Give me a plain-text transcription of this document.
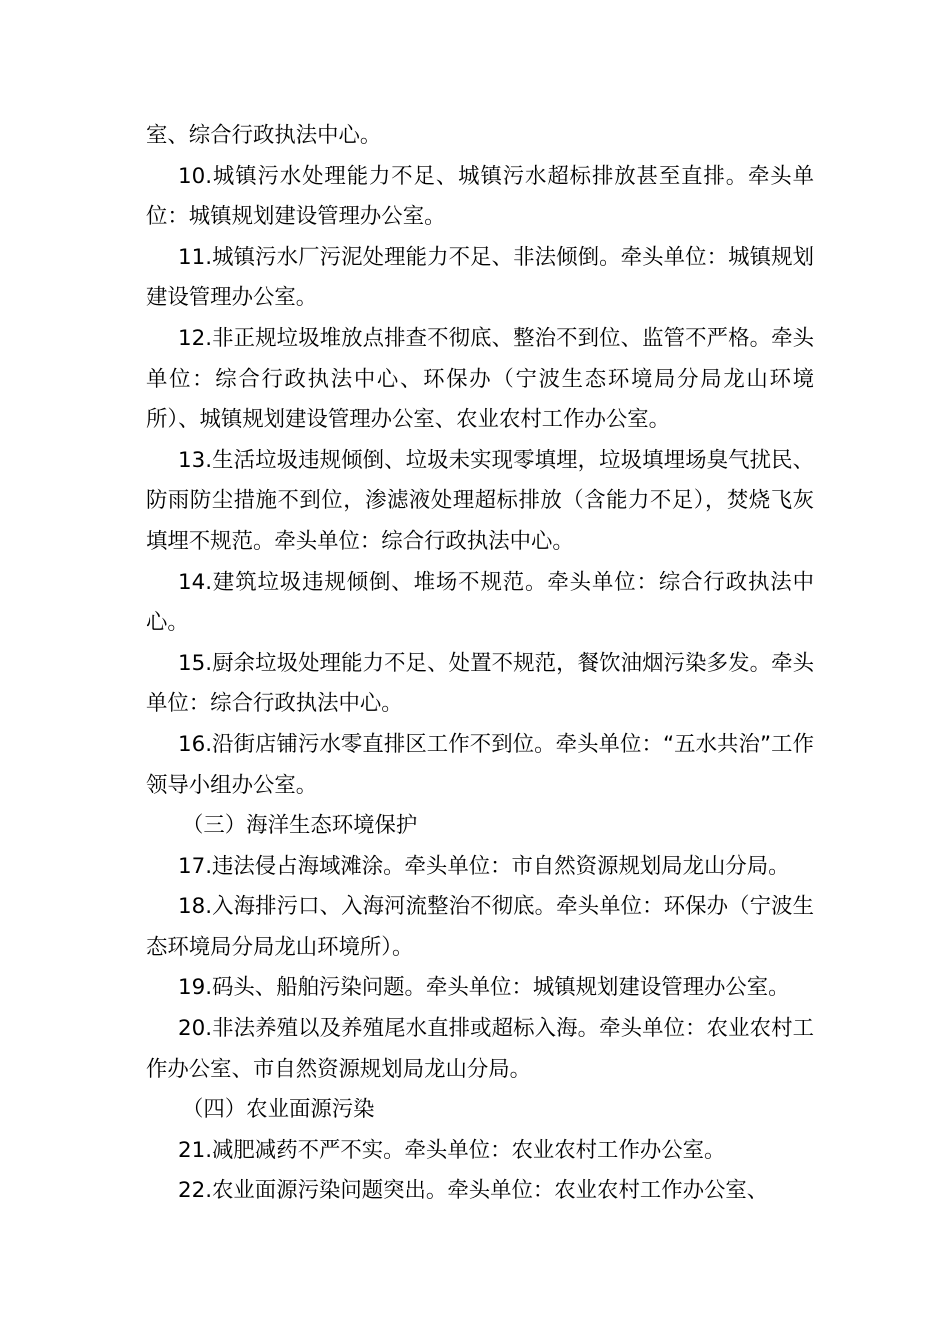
室、综合行政执法中心。

10.城镇污水处理能力不足、城镇污水超标排放甚至直排。牵头单位：城镇规划建设管理办公室。

11.城镇污水厂污泥处理能力不足、非法倾倒。牵头单位：城镇规划建设管理办公室。

12.非正规垃圾堆放点排查不彻底、整治不到位、监管不严格。牵头单位：综合行政执法中心、环保办（宁波生态环境局分局龙山环境所）、城镇规划建设管理办公室、农业农村工作办公室。

13.生活垃圾违规倾倒、垃圾未实现零填埋，垃圾填埋场臭气扰民、防雨防尘措施不到位，渗滤液处理超标排放（含能力不足），焚烧飞灰填埋不规范。牵头单位：综合行政执法中心。

14.建筑垃圾违规倾倒、堆场不规范。牵头单位：综合行政执法中心。

15.厨余垃圾处理能力不足、处置不规范，餐饮油烟污染多发。牵头单位：综合行政执法中心。

16.沿街店铺污水零直排区工作不到位。牵头单位：“五水共治”工作领导小组办公室。

（三）海洋生态环境保护

17.违法侵占海域滩涂。牵头单位：市自然资源规划局龙山分局。

18.入海排污口、入海河流整治不彻底。牵头单位：环保办（宁波生态环境局分局龙山环境所）。

19.码头、船舶污染问题。牵头单位：城镇规划建设管理办公室。

20.非法养殖以及养殖尾水直排或超标入海。牵头单位：农业农村工作办公室、市自然资源规划局龙山分局。

（四）农业面源污染

21.减肥减药不严不实。牵头单位：农业农村工作办公室。

22.农业面源污染问题突出。牵头单位：农业农村工作办公室、
